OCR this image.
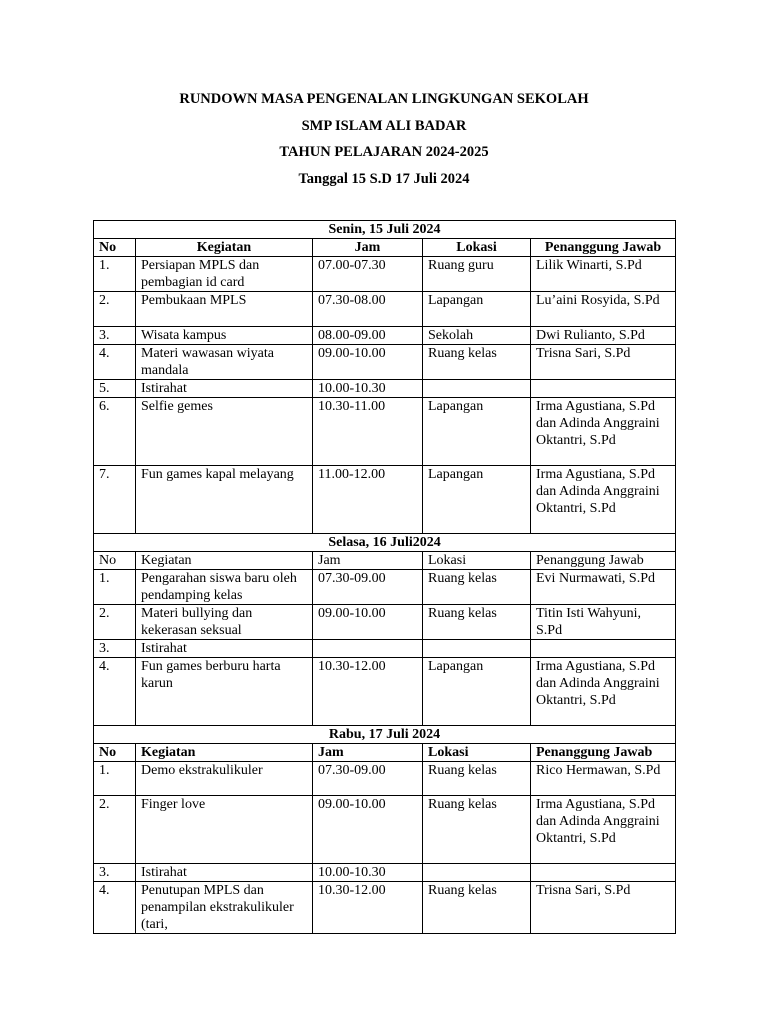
RUNDOWN MASA PENGENALAN LINGKUNGAN SEKOLAH
SMP ISLAM ALI BADAR
TAHUN PELAJARAN 2024-2025
Tanggal 15 S.D 17 Juli 2024
Senin, 15 Juli 2024				
No	Kegiatan	Jam	Lokasi	Penanggung Jawab
1.	Persiapan MPLS dan pembagian id card	07.00-07.30	Ruang guru	Lilik Winarti, S.Pd
2.	Pembukaan MPLS	07.30-08.00	Lapangan	Lu’aini Rosyida, S.Pd
3.	Wisata kampus	08.00-09.00	Sekolah	Dwi Rulianto, S.Pd
4.	Materi wawasan wiyata mandala	09.00-10.00	Ruang kelas	Trisna Sari, S.Pd
5.	Istirahat	10.00-10.30		
6.	Selfie gemes	10.30-11.00	Lapangan	Irma Agustiana, S.Pd dan Adinda Anggraini Oktantri, S.Pd
7.	Fun games kapal melayang	11.00-12.00	Lapangan	Irma Agustiana, S.Pd dan Adinda Anggraini Oktantri, S.Pd
Selasa, 16 Juli2024				
No	Kegiatan	Jam	Lokasi	Penanggung Jawab
1.	Pengarahan siswa baru oleh pendamping kelas	07.30-09.00	Ruang kelas	Evi Nurmawati, S.Pd
2.	Materi bullying dan kekerasan seksual	09.00-10.00	Ruang kelas	Titin Isti Wahyuni, S.Pd
3.	Istirahat			
4.	Fun games berburu harta karun	10.30-12.00	Lapangan	Irma Agustiana, S.Pd dan Adinda Anggraini Oktantri, S.Pd
Rabu, 17 Juli 2024				
No	Kegiatan	Jam	Lokasi	Penanggung Jawab
1.	Demo ekstrakulikuler	07.30-09.00	Ruang kelas	Rico Hermawan, S.Pd
2.	Finger love	09.00-10.00	Ruang kelas	Irma Agustiana, S.Pd dan Adinda Anggraini Oktantri, S.Pd
3.	Istirahat	10.00-10.30		
4.	Penutupan MPLS dan penampilan ekstrakulikuler (tari,	10.30-12.00	Ruang kelas	Trisna Sari, S.Pd
